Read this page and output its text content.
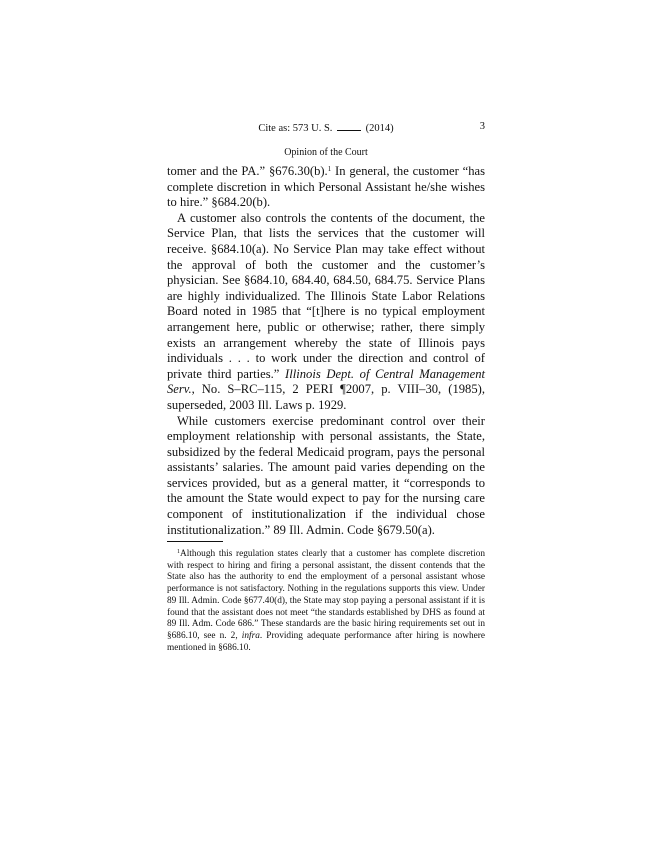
Cite as: 573 U. S.	(2014)	3
Opinion of the Court

tomer and the PA.” §676.30(b).$^1$ In general, the customer “has complete discretion in which Personal Assistant he/she wishes to hire.” §684.20(b).

A customer also controls the contents of the document, the Service Plan, that lists the services that the customer will receive. §684.10(a). No Service Plan may take effect without the approval of both the customer and the customer’s physician. See §684.10, 684.40, 684.50, 684.75. Service Plans are highly individualized. The Illinois State Labor Relations Board noted in 1985 that “[t]here is no typical employment arrangement here, public or otherwise; rather, there simply exists an arrangement whereby the state of Illinois pays individuals . . . to work under the direction and control of private third parties.” Illinois Dept. of Central Management Serv., No. S–RC–115, 2 PERI ¶2007, p. VIII–30, (1985), superseded, 2003 Ill. Laws p. 1929.

While customers exercise predominant control over their employment relationship with personal assistants, the State, subsidized by the federal Medicaid program, pays the personal assistants’ salaries. The amount paid varies depending on the services provided, but as a general matter, it “corresponds to the amount the State would expect to pay for the nursing care component of institutionalization if the individual chose institutionalization.” 89 Ill. Admin. Code §679.50(a).

$^1$Although this regulation states clearly that a customer has complete discretion with respect to hiring and firing a personal assistant, the dissent contends that the State also has the authority to end the employment of a personal assistant whose performance is not satisfactory. Nothing in the regulations supports this view. Under 89 Ill. Admin. Code §677.40(d), the State may stop paying a personal assistant if it is found that the assistant does not meet “the standards established by DHS as found at 89 Ill. Adm. Code 686.” These standards are the basic hiring requirements set out in §686.10, see n. 2, infra. Providing adequate performance after hiring is nowhere mentioned in §686.10.
